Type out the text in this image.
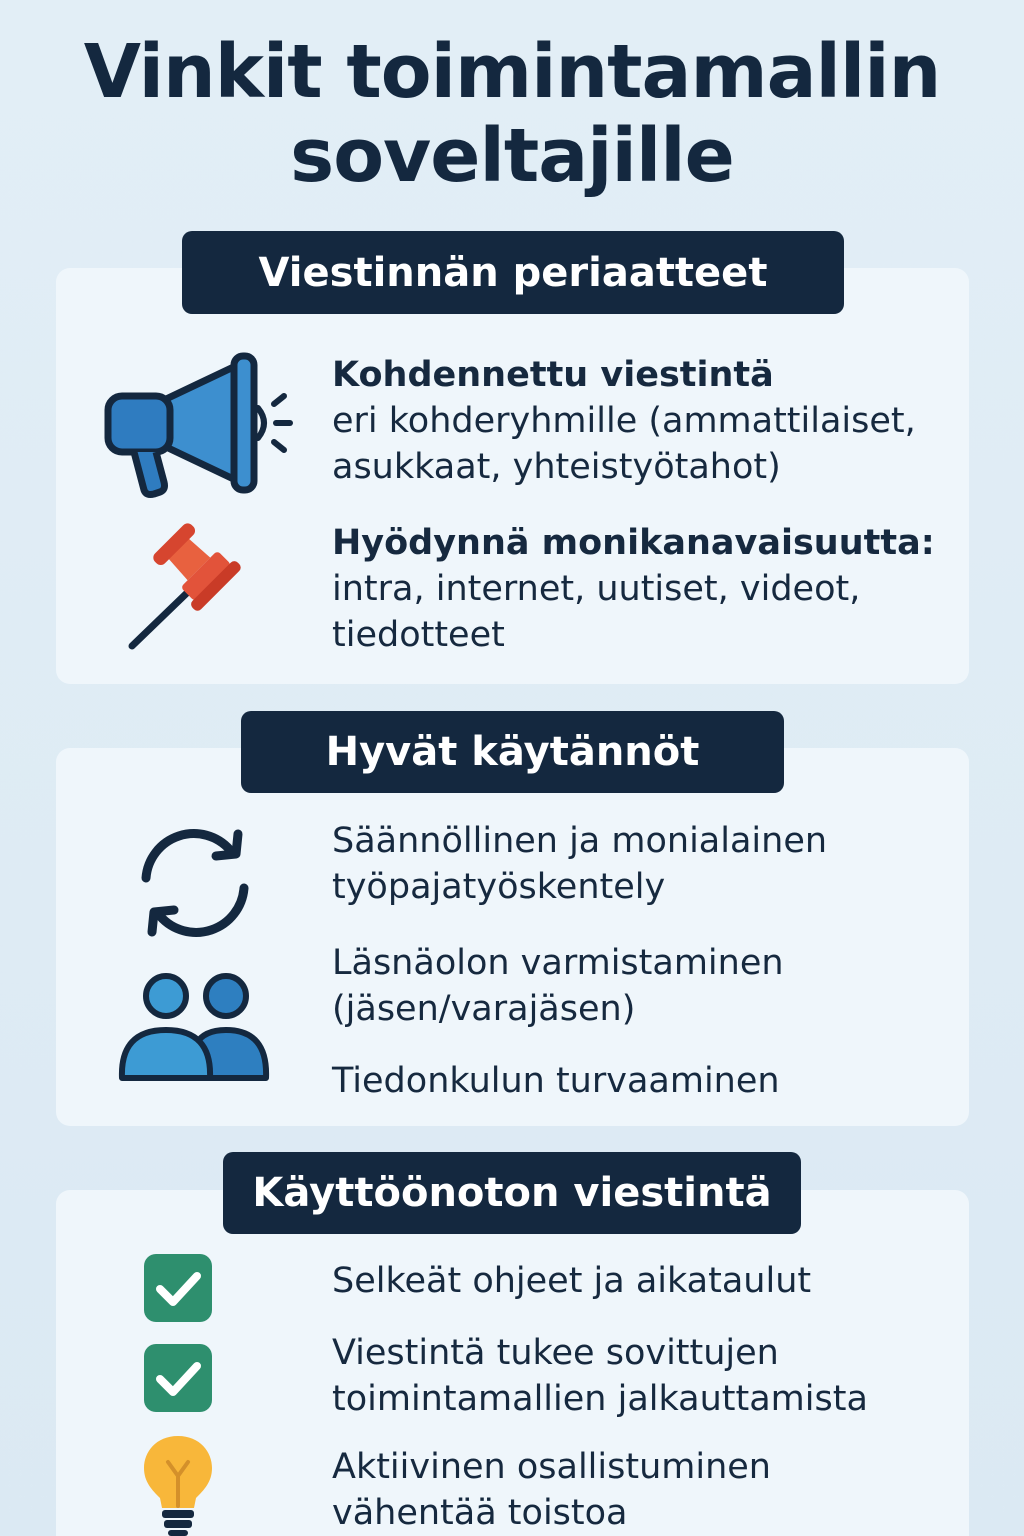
Vinkit toimintamallin
soveltajille
Viestinnän periaatteet
Kohdennettu viestintä
eri kohderyhmille (ammattilaiset,
asukkaat, yhteistyötahot)
Hyödynnä monikanavaisuutta:
intra, internet, uutiset, videot,
tiedotteet
Hyvät käytännöt
Säännöllinen ja monialainen
työpajatyöskentely
Läsnäolon varmistaminen
(jäsen/varajäsen)
Tiedonkulun turvaaminen
Käyttöönoton viestintä
Selkeät ohjeet ja aikataulut
Viestintä tukee sovittujen
toimintamallien jalkauttamista
Aktiivinen osallistuminen
vähentää toistoa
